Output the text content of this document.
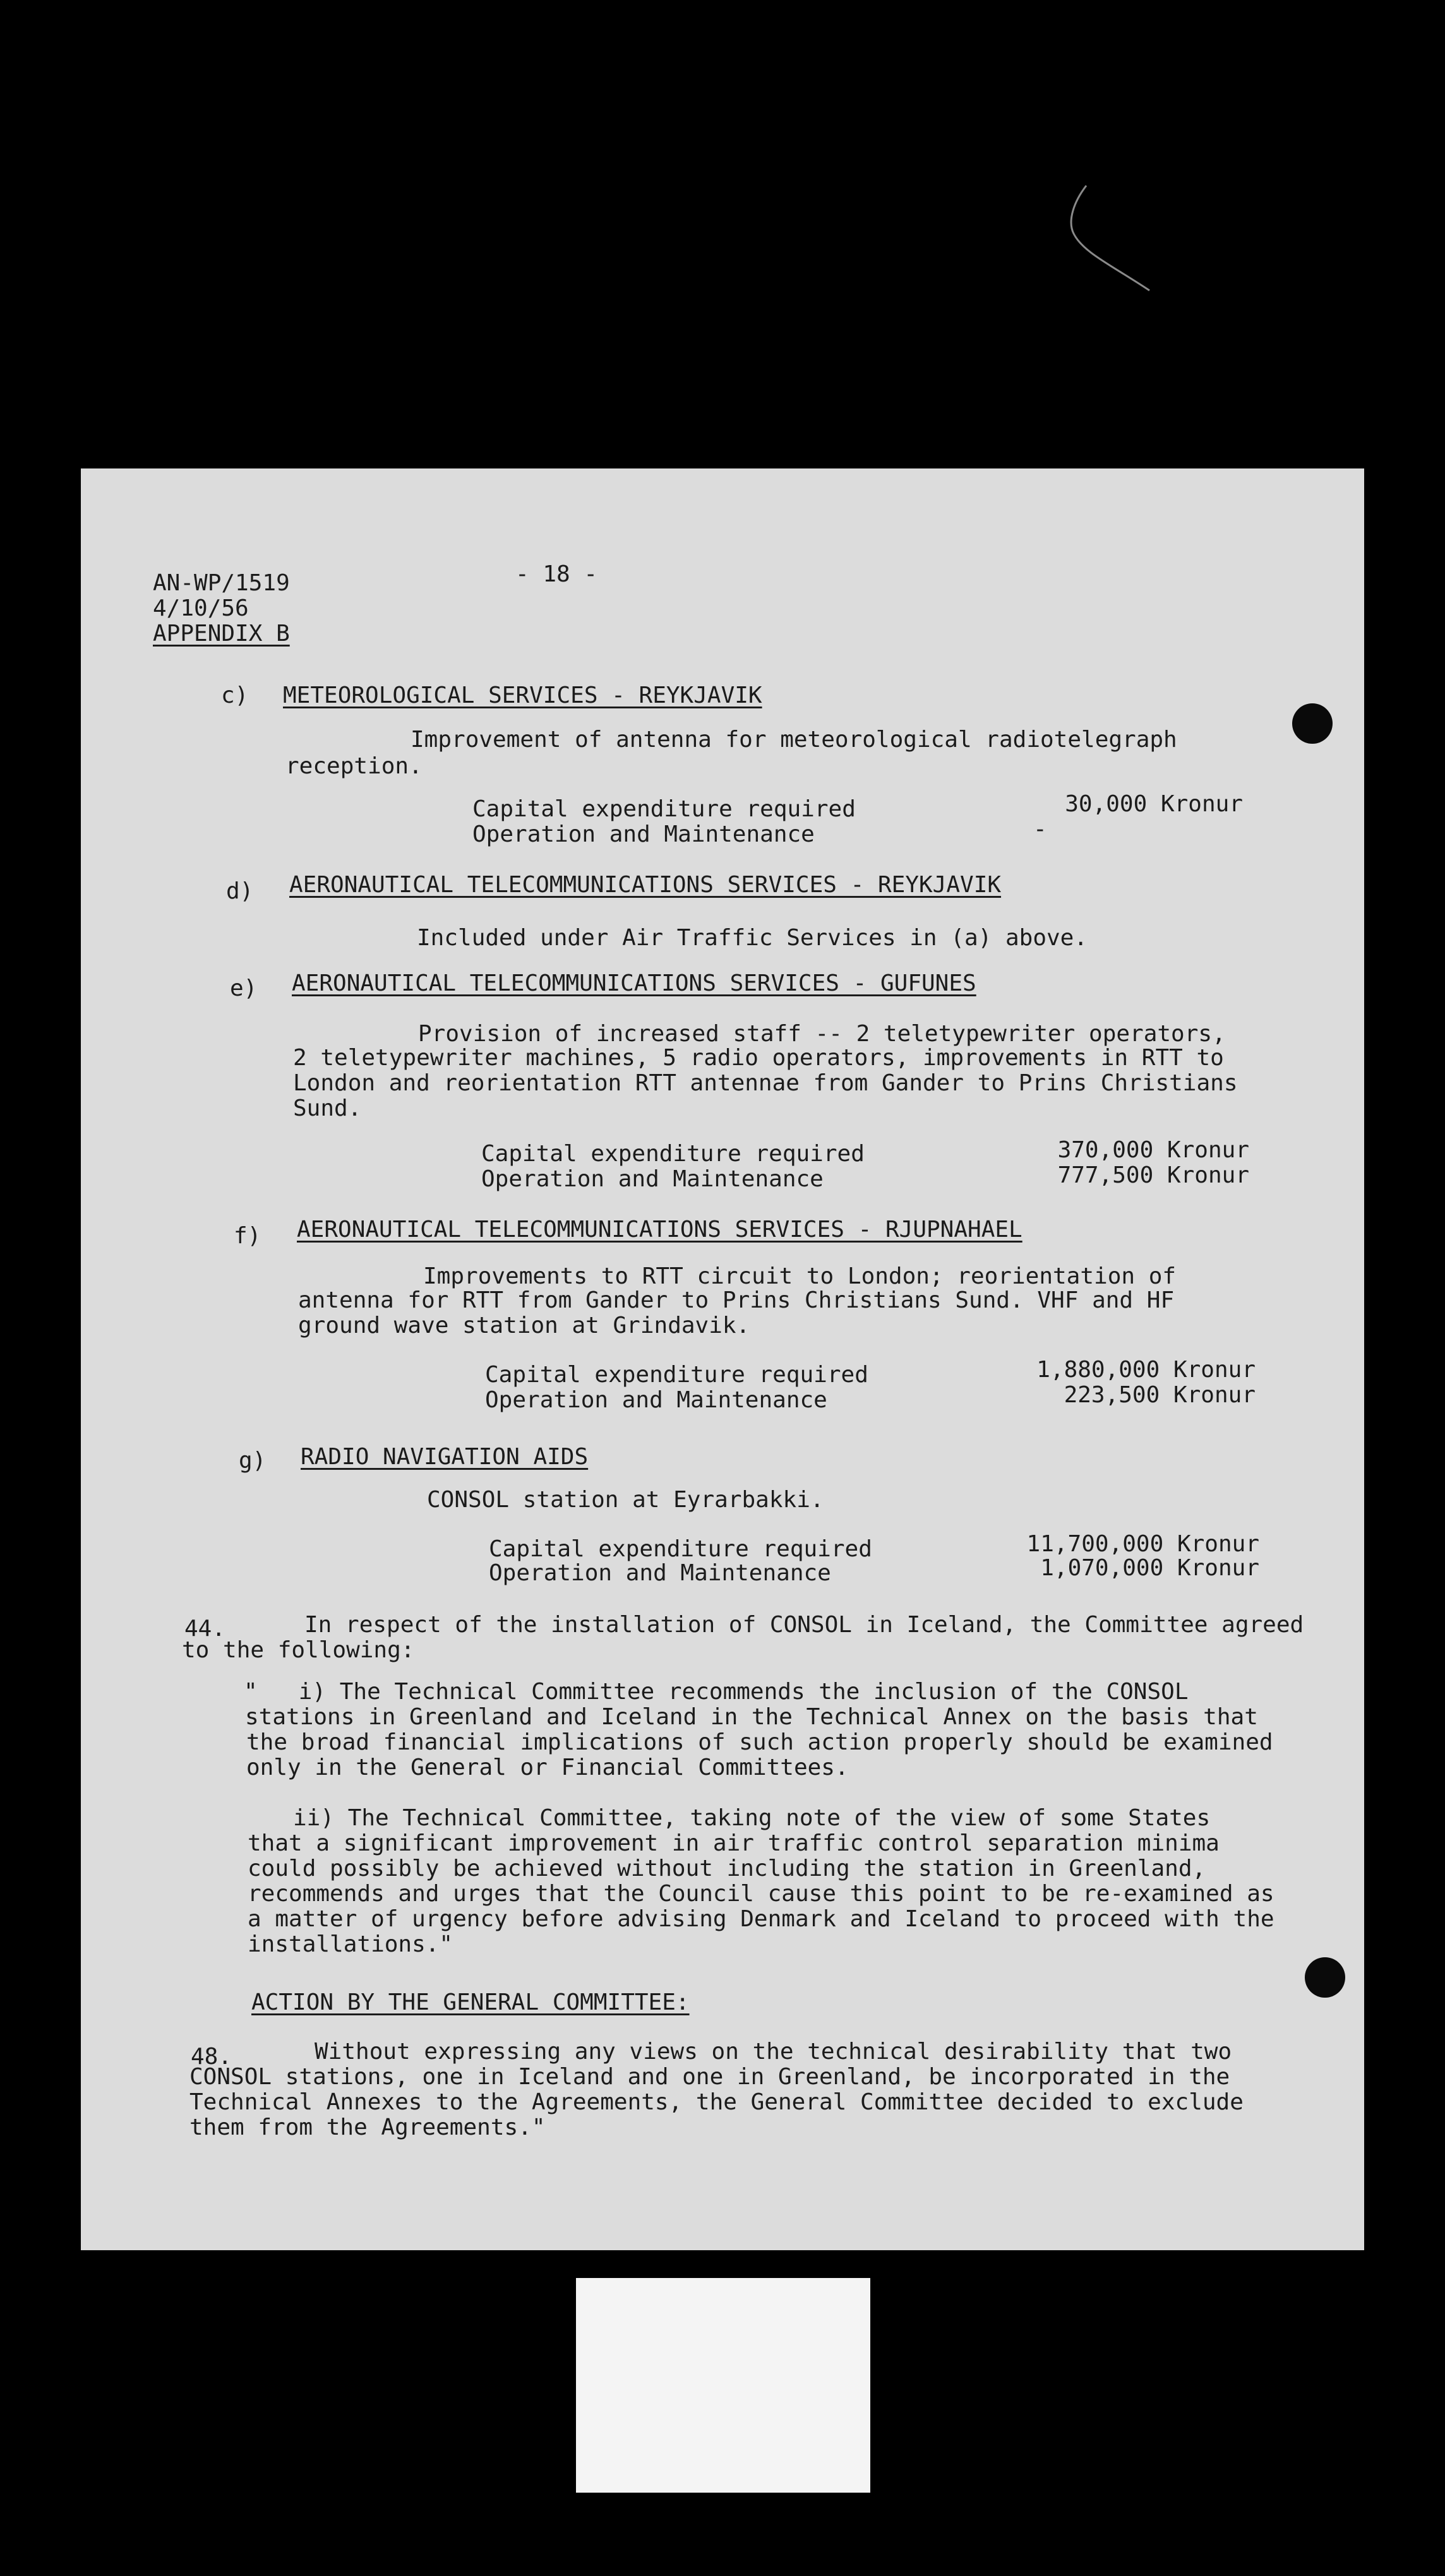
AN-WP/1519

4/10/56

APPENDIX B

- 18 -

c) METEOROLOGICAL SERVICES - REYKJAVIK

Improvement of antenna for meteorological radiotelegraph

reception.

Capital expenditure required	30,000 Kronur

Operation and Maintenance	-

d) AERONAUTICAL TELECOMMUNICATIONS SERVICES - REYKJAVIK

Included under Air Traffic Services in (a) above.

e) AERONAUTICAL TELECOMMUNICATIONS SERVICES - GUFUNES

Provision of increased staff -- 2 teletypewriter operators,

2 teletypewriter machines, 5 radio operators, improvements in RTT to

London and reorientation RTT antennae from Gander to Prins Christians

Sund.

Capital expenditure required	370,000 Kronur

Operation and Maintenance	777,500 Kronur

f) AERONAUTICAL TELECOMMUNICATIONS SERVICES - RJUPNAHAEL

Improvements to RTT circuit to London; reorientation of

antenna for RTT from Gander to Prins Christians Sund. VHF and HF

ground wave station at Grindavik.

Capital expenditure required	1,880,000 Kronur

Operation and Maintenance	223,500 Kronur

g) RADIO NAVIGATION AIDS

CONSOL station at Eyrarbakki.

Capital expenditure required	11,700,000 Kronur

Operation and Maintenance	1,070,000 Kronur

44.	In respect of the installation of CONSOL in Iceland, the Committee agreed

to the following:

"   i) The Technical Committee recommends the inclusion of the CONSOL

stations in Greenland and Iceland in the Technical Annex on the basis that

the broad financial implications of such action properly should be examined

only in the General or Financial Committees.

ii) The Technical Committee, taking note of the view of some States

that a significant improvement in air traffic control separation minima

could possibly be achieved without including the station in Greenland,

recommends and urges that the Council cause this point to be re-examined as

a matter of urgency before advising Denmark and Iceland to proceed with the

installations."

ACTION BY THE GENERAL COMMITTEE:

48.	Without expressing any views on the technical desirability that two

CONSOL stations, one in Iceland and one in Greenland, be incorporated in the

Technical Annexes to the Agreements, the General Committee decided to exclude

them from the Agreements."
